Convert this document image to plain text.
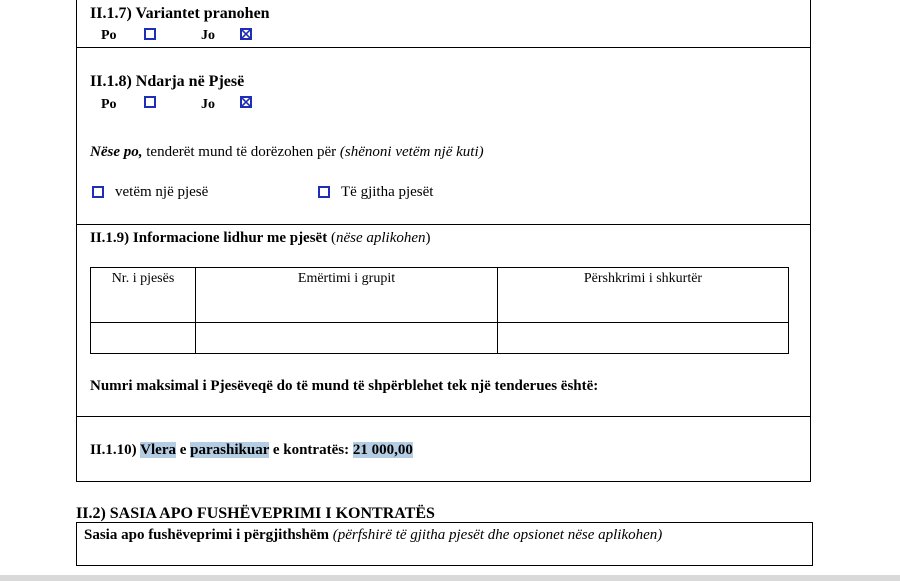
II.1.7) Variantet pranohen
Po	Jo
II.1.8) Ndarja në Pjesë
Po	Jo
Nëse po, tenderët mund të dorëzohen për (shënoni vetëm një kuti)
vetëm një pjesë	Të gjitha pjesët
II.1.9) Informacione lidhur me pjesët (nëse aplikohen)
Nr. i pjesës	Emërtimi i grupit	Përshkrimi i shkurtër
Numri maksimal i Pjesëveqë do të mund të shpërblehet tek një tenderues është:
II.1.10) Vlera e parashikuar e kontratës: 21 000,00
II.2) SASIA APO FUSHËVEPRIMI I KONTRATËS
Sasia apo fushëveprimi i përgjithshëm (përfshirë të gjitha pjesët dhe opsionet nëse aplikohen)
